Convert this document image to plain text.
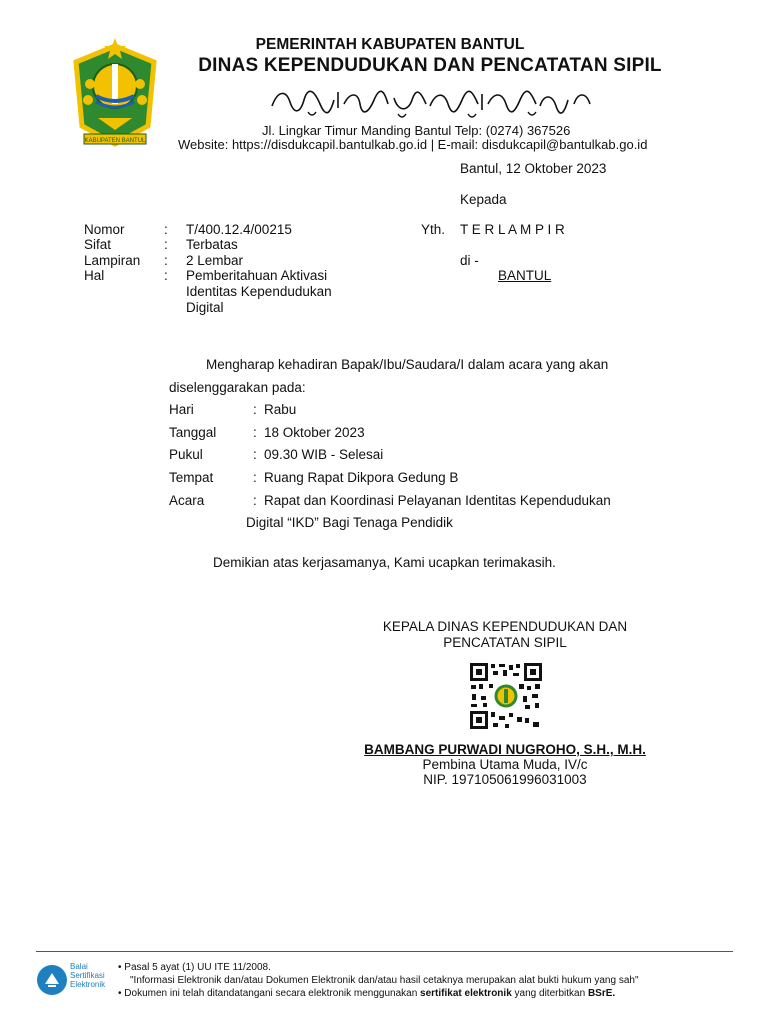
KABUPATEN BANTUL
PEMERINTAH KABUPATEN BANTUL
DINAS KEPENDUDUKAN DAN PENCATATAN SIPIL
Jl. Lingkar Timur Manding Bantul Telp: (0274) 367526
Website: https://disdukcapil.bantulkab.go.id | E-mail: disdukcapil@bantulkab.go.id
Bantul, 12 Oktober 2023
Kepada
Yth. T E R L A M P I R
di -
BANTUL
Nomor	: T/400.12.4/00215
Sifat	: Terbatas
Lampiran : 2 Lembar
Hal	: Pemberitahuan Aktivasi Identitas Kependudukan Digital
Mengharap kehadiran Bapak/Ibu/Saudara/I dalam acara yang akan
diselenggarakan pada:
Hari	: Rabu
Tanggal	: 18 Oktober 2023
Pukul	: 09.30 WIB - Selesai
Tempat	: Ruang Rapat Dikpora Gedung B
Acara	: Rapat dan Koordinasi Pelayanan Identitas Kependudukan
Digital “IKD” Bagi Tenaga Pendidik
Demikian atas kerjasamanya, Kami ucapkan terimakasih.
KEPALA DINAS KEPENDUDUKAN DAN
PENCATATAN SIPIL
BAMBANG PURWADI NUGROHO, S.H., M.H.
Pembina Utama Muda, IV/c
NIP. 197105061996031003
Balai
Sertifikasi
Elektronik
• Pasal 5 ayat (1) UU ITE 11/2008.
"Informasi Elektronik dan/atau Dokumen Elektronik dan/atau hasil cetaknya merupakan alat bukti hukum yang sah"
• Dokumen ini telah ditandatangani secara elektronik menggunakan sertifikat elektronik yang diterbitkan BSrE.
